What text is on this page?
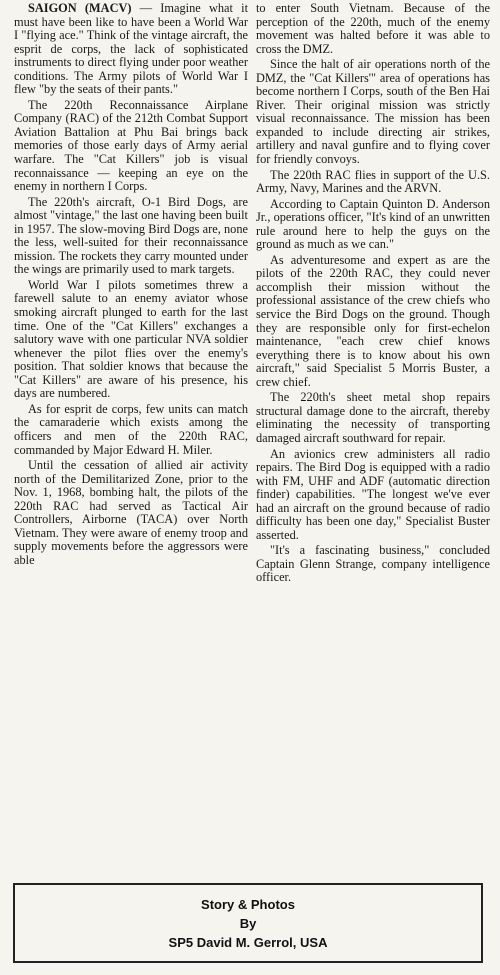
SAIGON (MACV) — Imagine what it must have been like to have been a World War I "flying ace." Think of the vintage aircraft, the esprit de corps, the lack of sophisticated instruments to direct flying under poor weather conditions. The Army pilots of World War I flew "by the seats of their pants."

The 220th Reconnaissance Airplane Company (RAC) of the 212th Combat Support Aviation Battalion at Phu Bai brings back memories of those early days of Army aerial warfare. The "Cat Killers" job is visual reconnaissance — keeping an eye on the enemy in northern I Corps.

The 220th's aircraft, O-1 Bird Dogs, are almost "vintage," the last one having been built in 1957. The slow-moving Bird Dogs are, none the less, well-suited for their reconnaissance mission. The rockets they carry mounted under the wings are primarily used to mark targets.

World War I pilots sometimes threw a farewell salute to an enemy aviator whose smoking aircraft plunged to earth for the last time. One of the "Cat Killers" exchanges a salutory wave with one particular NVA soldier whenever the pilot flies over the enemy's position. That soldier knows that because the "Cat Killers" are aware of his presence, his days are numbered.

As for esprit de corps, few units can match the camaraderie which exists among the officers and men of the 220th RAC, commanded by Major Edward H. Miler.

Until the cessation of allied air activity north of the Demilitarized Zone, prior to the Nov. 1, 1968, bombing halt, the pilots of the 220th RAC had served as Tactical Air Controllers, Airborne (TACA) over North Vietnam. They were aware of enemy troop and supply movements before the aggressors were able

to enter South Vietnam. Because of the perception of the 220th, much of the enemy movement was halted before it was able to cross the DMZ.

Since the halt of air operations north of the DMZ, the "Cat Killers'" area of operations has become northern I Corps, south of the Ben Hai River. Their original mission was strictly visual reconnaissance. The mission has been expanded to include directing air strikes, artillery and naval gunfire and to flying cover for friendly convoys.

The 220th RAC flies in support of the U.S. Army, Navy, Marines and the ARVN.

According to Captain Quinton D. Anderson Jr., operations officer, "It's kind of an unwritten rule around here to help the guys on the ground as much as we can."

As adventuresome and expert as are the pilots of the 220th RAC, they could never accomplish their mission without the professional assistance of the crew chiefs who service the Bird Dogs on the ground. Though they are responsible only for first-echelon maintenance, "each crew chief knows everything there is to know about his own aircraft," said Specialist 5 Morris Buster, a crew chief.

The 220th's sheet metal shop repairs structural damage done to the aircraft, thereby eliminating the necessity of transporting damaged aircraft southward for repair.

An avionics crew administers all radio repairs. The Bird Dog is equipped with a radio with FM, UHF and ADF (automatic direction finder) capabilities. "The longest we've ever had an aircraft on the ground because of radio difficulty has been one day," Specialist Buster asserted.

"It's a fascinating business," concluded Captain Glenn Strange, company intelligence officer.

Story & Photos
By
SP5 David M. Gerrol, USA
